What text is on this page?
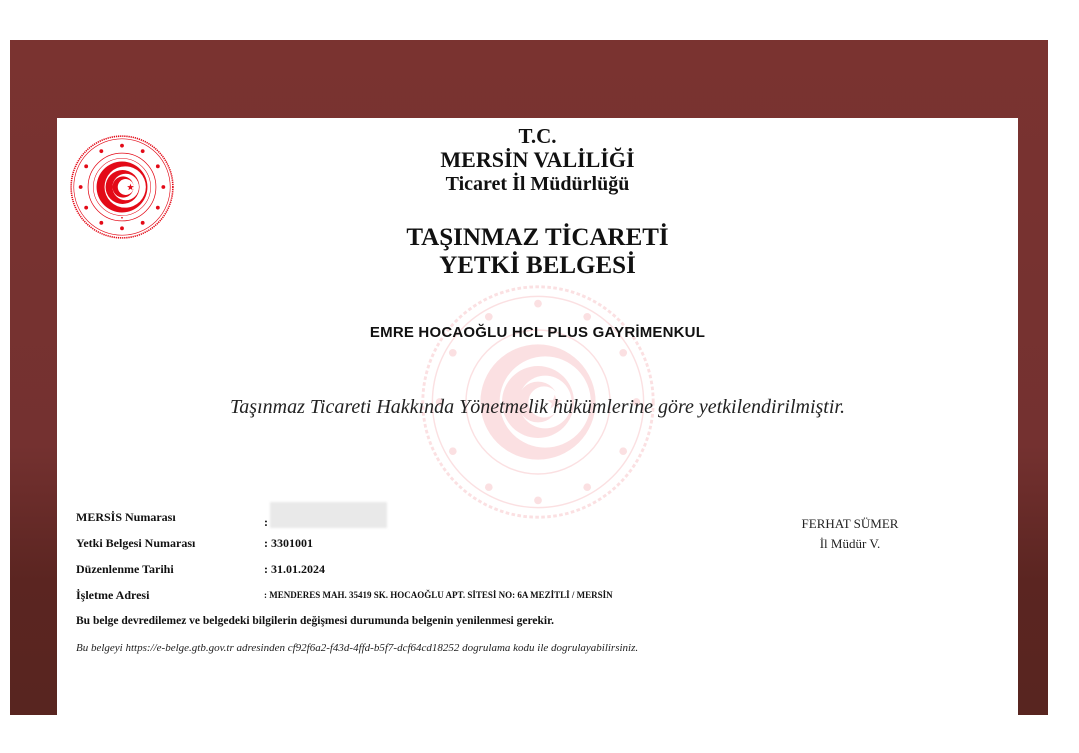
T.C.
MERSİN VALİLİĞİ
Ticaret İl Müdürlüğü
TAŞINMAZ TİCARETİ
YETKİ BELGESİ
EMRE HOCAOĞLU HCL PLUS GAYRİMENKUL
Taşınmaz Ticareti Hakkında Yönetmelik hükümlerine göre yetkilendirilmiştir.
MERSİS Numarası	:
Yetki Belgesi Numarası	: 3301001
Düzenlenme Tarihi	: 31.01.2024
İşletme Adresi	: MENDERES MAH. 35419 SK. HOCAOĞLU APT. SİTESİ NO: 6A MEZİTLİ / MERSİN
FERHAT SÜMER
İl Müdür V.
Bu belge devredilemez ve belgedeki bilgilerin değişmesi durumunda belgenin yenilenmesi gerekir.
Bu belgeyi https://e-belge.gtb.gov.tr adresinden cf92f6a2-f43d-4ffd-b5f7-dcf64cd18252 dogrulama kodu ile dogrulayabilirsiniz.
